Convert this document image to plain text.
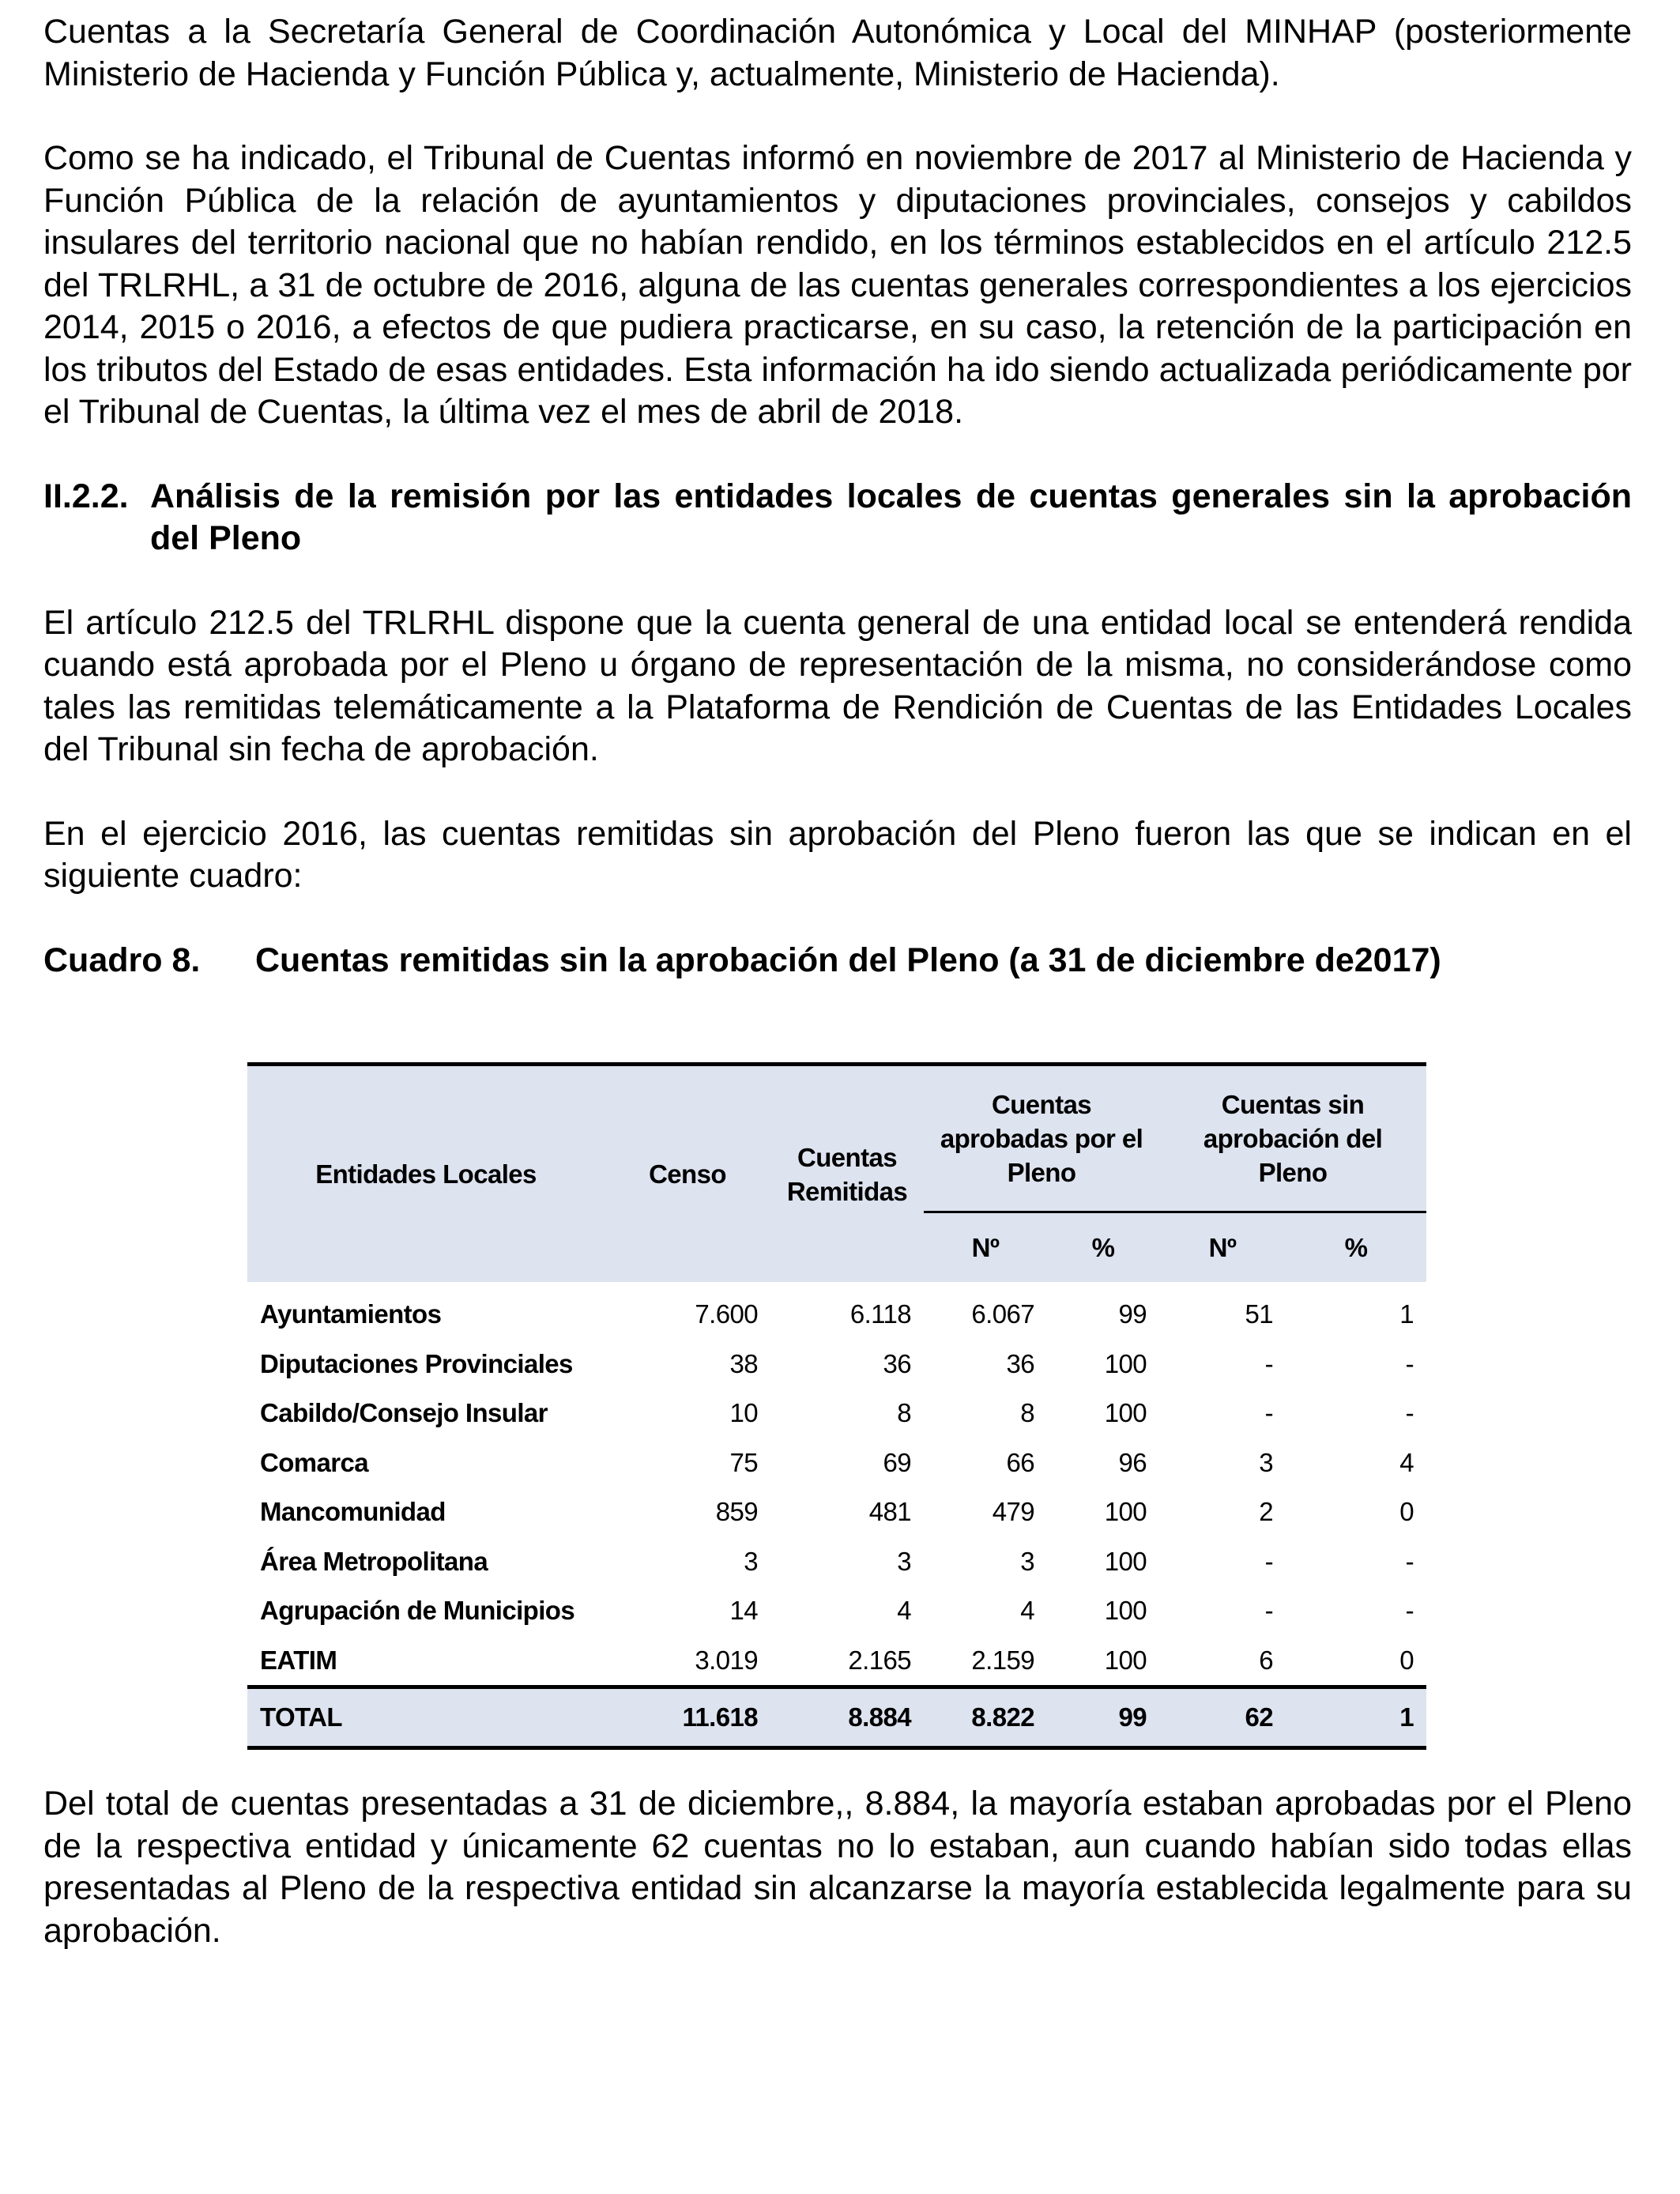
Cuentas a la Secretaría General de Coordinación Autonómica y Local del MINHAP (posteriormente Ministerio de Hacienda y Función Pública y, actualmente, Ministerio de Hacienda).

Como se ha indicado, el Tribunal de Cuentas informó en noviembre de 2017 al Ministerio de Hacienda y Función Pública de la relación de ayuntamientos y diputaciones provinciales, consejos y cabildos insulares del territorio nacional que no habían rendido, en los términos establecidos en el artículo 212.5 del TRLRHL, a 31 de octubre de 2016, alguna de las cuentas generales correspondientes a los ejercicios 2014, 2015 o 2016, a efectos de que pudiera practicarse, en su caso, la retención de la participación en los tributos del Estado de esas entidades. Esta información ha ido siendo actualizada periódicamente por el Tribunal de Cuentas, la última vez el mes de abril de 2018.

II.2.2. Análisis de la remisión por las entidades locales de cuentas generales sin la aprobación del Pleno

El artículo 212.5 del TRLRHL dispone que la cuenta general de una entidad local se entenderá rendida cuando está aprobada por el Pleno u órgano de representación de la misma, no considerándose como tales las remitidas telemáticamente a la Plataforma de Rendición de Cuentas de las Entidades Locales del Tribunal sin fecha de aprobación.

En el ejercicio 2016, las cuentas remitidas sin aprobación del Pleno fueron las que se indican en el siguiente cuadro:

Cuadro 8.	Cuentas remitidas sin la aprobación del Pleno (a 31 de diciembre de2017)
Entidades Locales	Censo	Cuentas Remitidas	Cuentas aprobadas por el Pleno		Cuentas sin aprobación del Pleno	
			Nº	%	Nº	%
Ayuntamientos	7.600	6.118	6.067	99	51	1
Diputaciones Provinciales	38	36	36	100	-	-
Cabildo/Consejo Insular	10	8	8	100	-	-
Comarca	75	69	66	96	3	4
Mancomunidad	859	481	479	100	2	0
Área Metropolitana	3	3	3	100	-	-
Agrupación de Municipios	14	4	4	100	-	-
EATIM	3.019	2.165	2.159	100	6	0
TOTAL	11.618	8.884	8.822	99	62	1

Del total de cuentas presentadas a 31 de diciembre,, 8.884, la mayoría estaban aprobadas por el Pleno de la respectiva entidad y únicamente 62 cuentas no lo estaban, aun cuando habían sido todas ellas presentadas al Pleno de la respectiva entidad sin alcanzarse la mayoría establecida legalmente para su aprobación.
